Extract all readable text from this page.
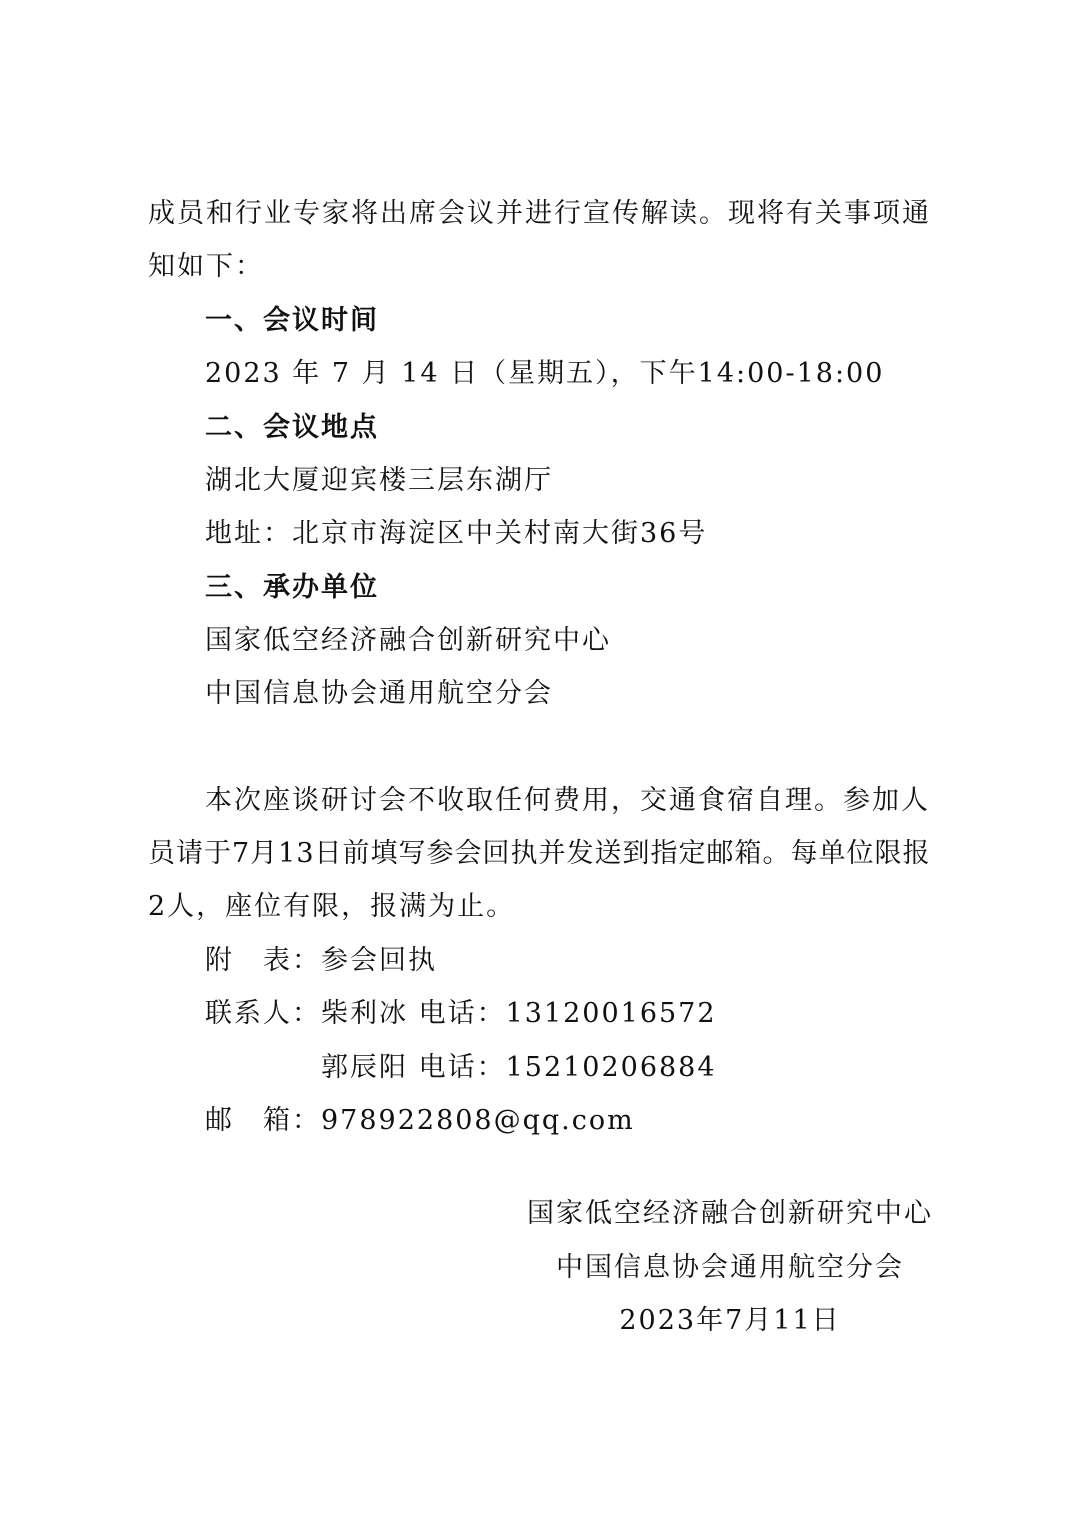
成员和行业专家将出席会议并进行宣传解读。现将有关事项通
知如下：
一、会议时间
2023 年 7 月 14 日（星期五），下午14:00-18:00
二、会议地点
湖北大厦迎宾楼三层东湖厅
地址：北京市海淀区中关村南大街36号
三、承办单位
国家低空经济融合创新研究中心
中国信息协会通用航空分会
本次座谈研讨会不收取任何费用，交通食宿自理。参加人
员请于7月13日前填写参会回执并发送到指定邮箱。每单位限报
2人，座位有限，报满为止。
附　表：参会回执
联系人：柴利冰 电话：13120016572
郭辰阳 电话：15210206884
邮　箱：978922808@qq.com
国家低空经济融合创新研究中心
中国信息协会通用航空分会
2023年7月11日
